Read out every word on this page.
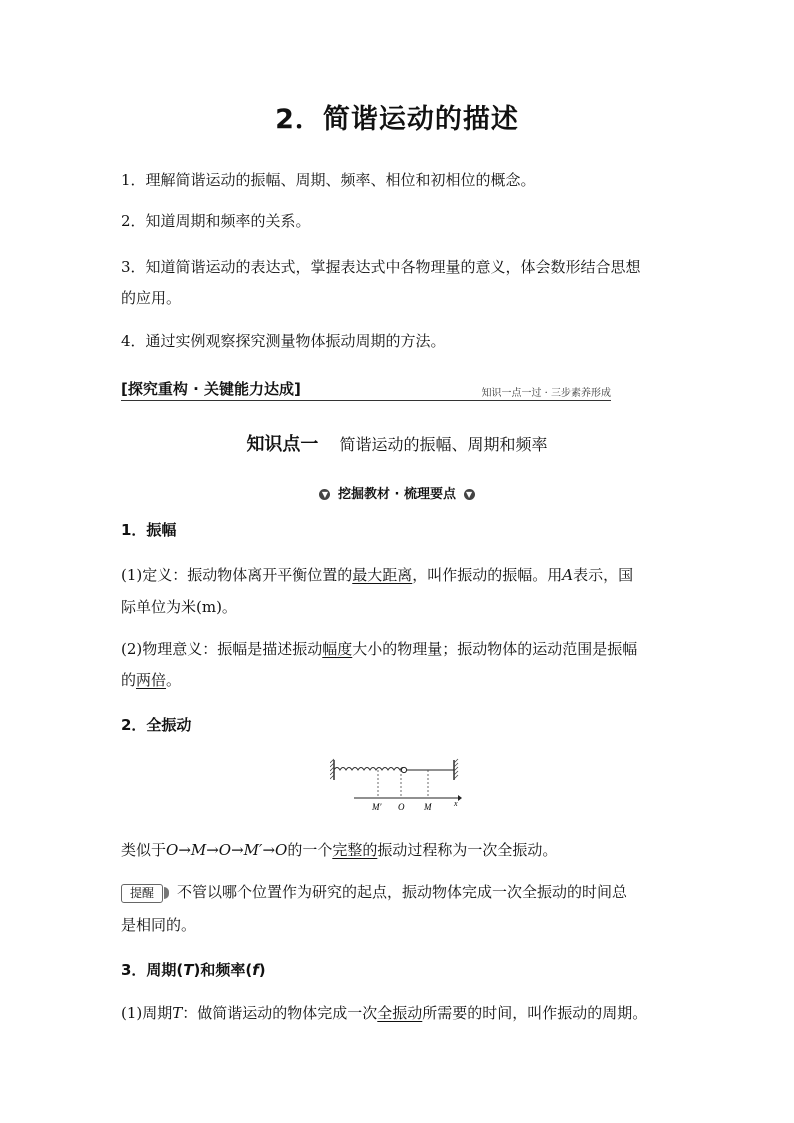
2．简谐运动的描述
1．理解简谐运动的振幅、周期、频率、相位和初相位的概念。
2．知道周期和频率的关系。
3．知道简谐运动的表达式，掌握表达式中各物理量的意义，体会数形结合思想
的应用。
4．通过实例观察探究测量物体振动周期的方法。
[探究重构 · 关键能力达成]	知识一点一过 · 三步素养形成
知识点一 简谐运动的振幅、周期和频率
▼ 挖掘教材 · 梳理要点 ▼
1．振幅
(1)定义：振动物体离开平衡位置的最大距离，叫作振动的振幅。用A表示，国
际单位为米(m)。
(2)物理意义：振幅是描述振动幅度大小的物理量；振动物体的运动范围是振幅
的两倍。
2．全振动
M′ O M	x
类似于O→M→O→M′→O的一个完整的振动过程称为一次全振动。
提醒 不管以哪个位置作为研究的起点，振动物体完成一次全振动的时间总
是相同的。
3．周期(T)和频率(f)
(1)周期T：做简谐运动的物体完成一次全振动所需要的时间，叫作振动的周期。
